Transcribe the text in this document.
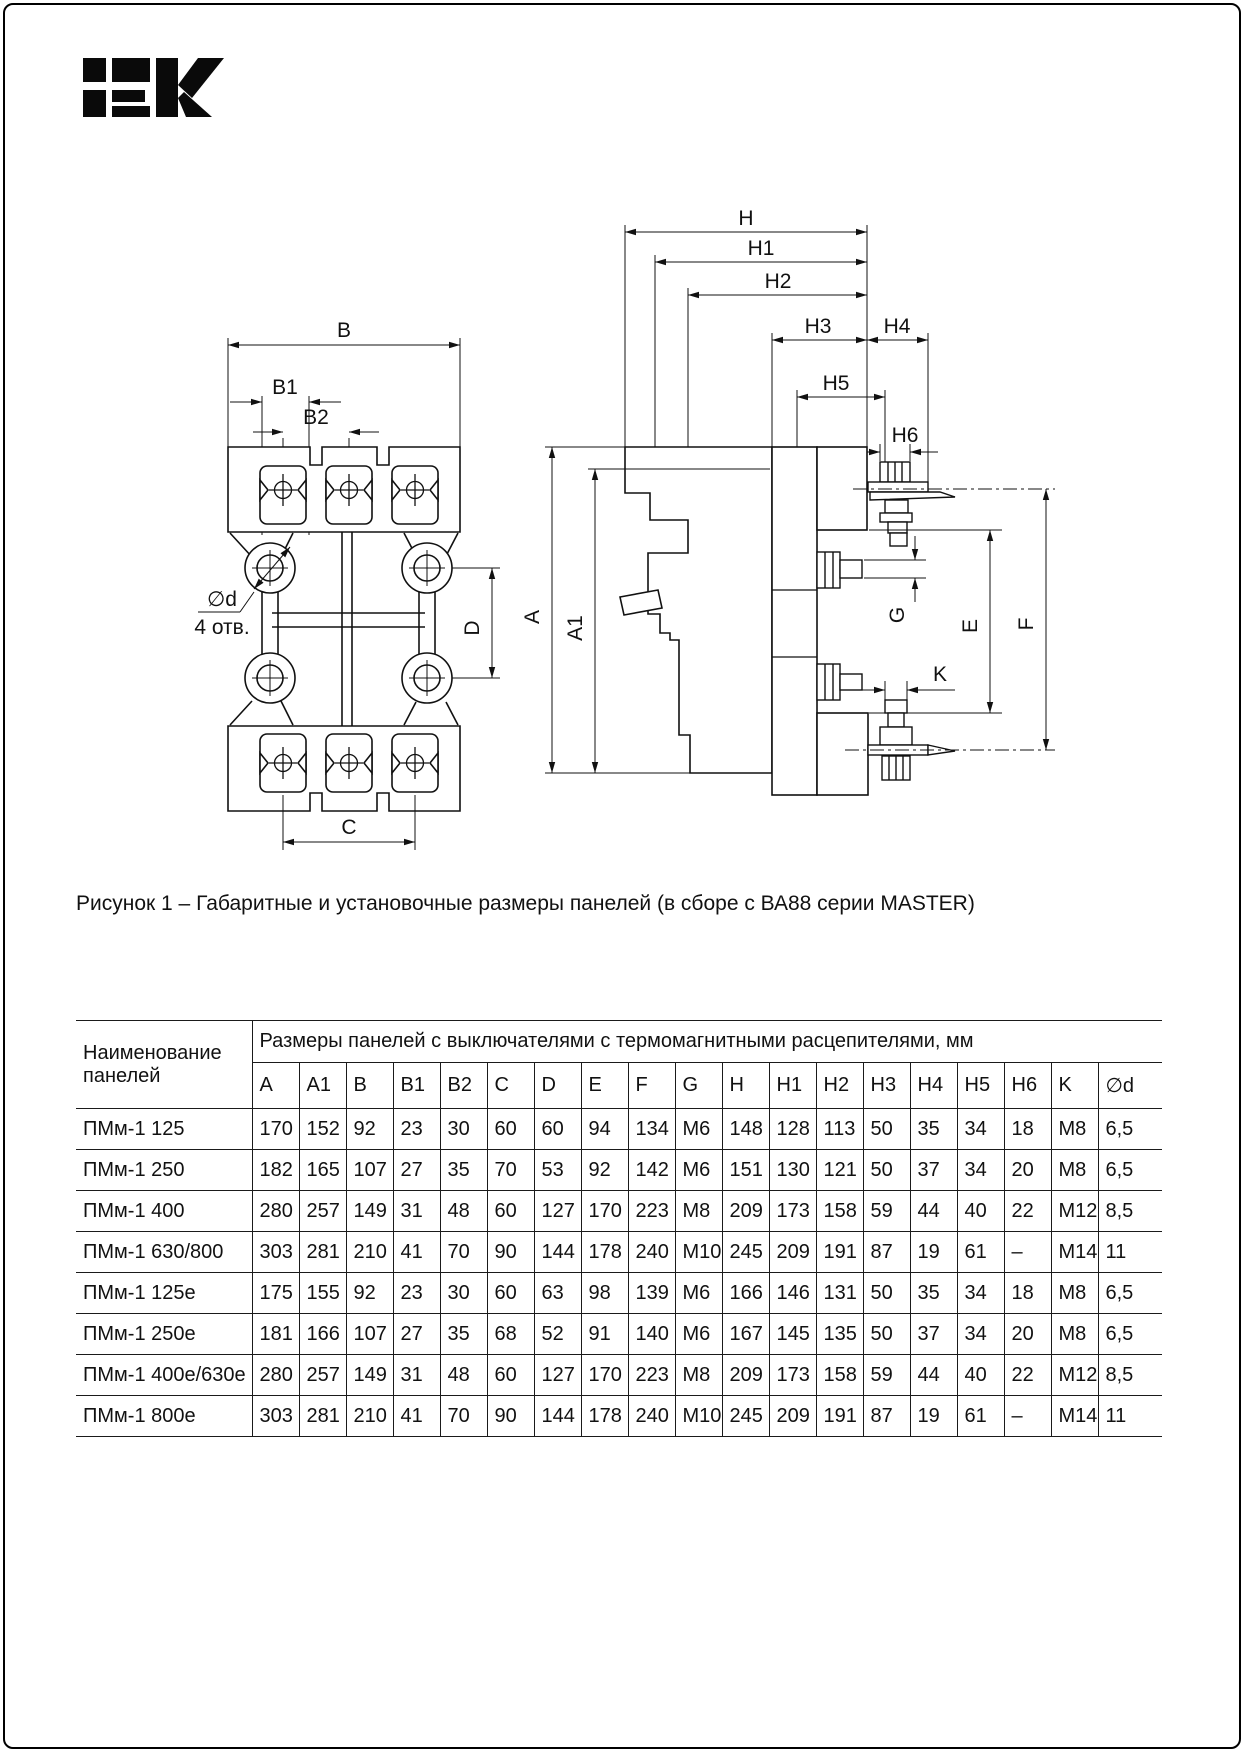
B
B1
B2
C
D
∅d
4 отв.
H
H1
H2
H3 H4
H5
H6
A A1	E F
G
K
Рисунок 1 – Габаритные и установочные размеры панелей (в сборе с ВА88 серии MASTER)
Наименование панелей	Размеры панелей с выключателями с термомагнитными расцепителями, мм																		
	A	A1	B	B1	B2	C	D	E	F	G	H	H1	H2	H3	H4	H5	H6	K	∅d
ПМм-1 125	170	152	92	23	30	60	60	94	134	М6	148	128	113	50	35	34	18	М8	6,5
ПМм-1 250	182	165	107	27	35	70	53	92	142	М6	151	130	121	50	37	34	20	М8	6,5
ПМм-1 400	280	257	149	31	48	60	127	170	223	М8	209	173	158	59	44	40	22	М12	8,5
ПМм-1 630/800	303	281	210	41	70	90	144	178	240	М10	245	209	191	87	19	61	–	М14	11
ПМм-1 125е	175	155	92	23	30	60	63	98	139	М6	166	146	131	50	35	34	18	М8	6,5
ПМм-1 250е	181	166	107	27	35	68	52	91	140	М6	167	145	135	50	37	34	20	М8	6,5
ПМм-1 400е/630е	280	257	149	31	48	60	127	170	223	М8	209	173	158	59	44	40	22	М12	8,5
ПМм-1 800е	303	281	210	41	70	90	144	178	240	М10	245	209	191	87	19	61	–	М14	11
